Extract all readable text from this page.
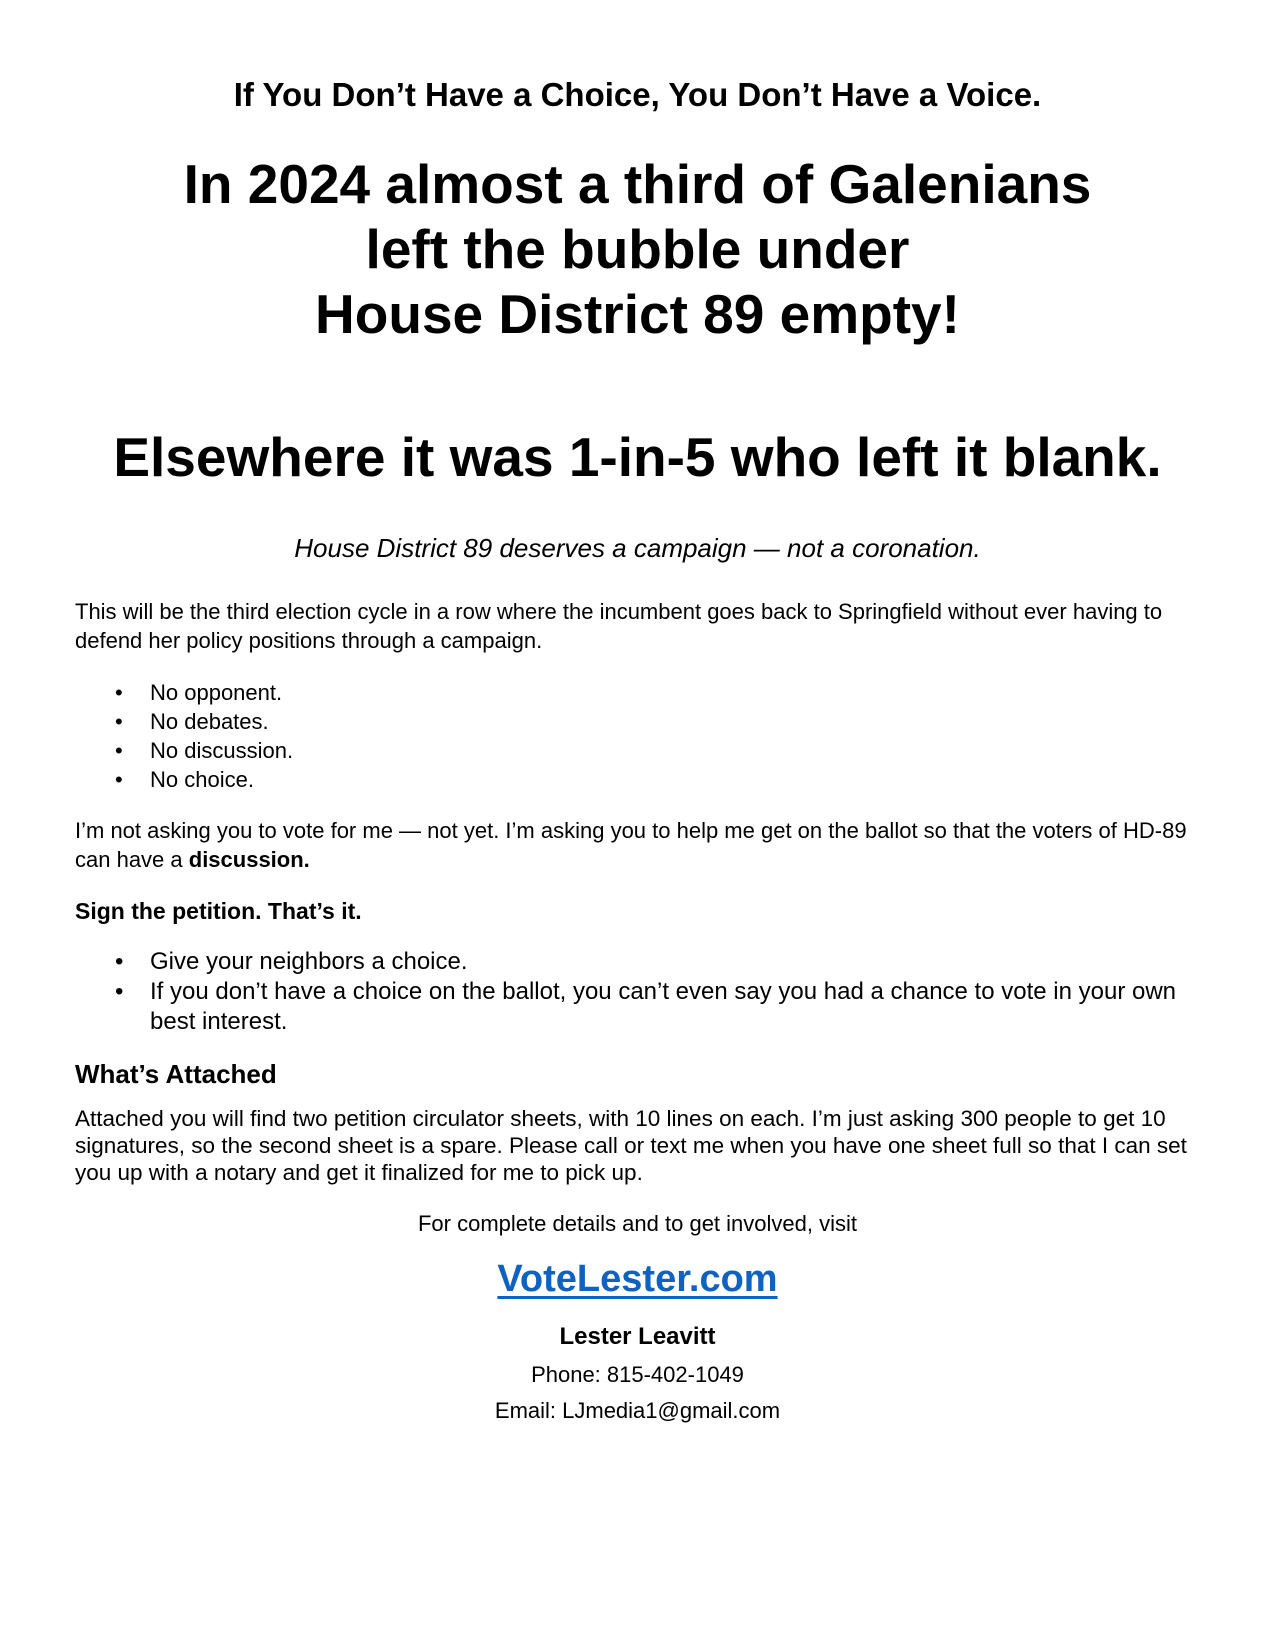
If You Don’t Have a Choice, You Don’t Have a Voice.
In 2024 almost a third of Galenians
left the bubble under
House District 89 empty!
Elsewhere it was 1-in-5 who left it blank.
House District 89 deserves a campaign — not a coronation.
This will be the third election cycle in a row where the incumbent goes back to Springfield without ever having to defend her policy positions through a campaign.
• No opponent.
• No debates.
• No discussion.
• No choice.
I’m not asking you to vote for me — not yet. I’m asking you to help me get on the ballot so that the voters of HD-89 can have a discussion.
Sign the petition. That’s it.
• Give your neighbors a choice.
• If you don’t have a choice on the ballot, you can’t even say you had a chance to vote in your own best interest.
What’s Attached
Attached you will find two petition circulator sheets, with 10 lines on each. I’m just asking 300 people to get 10 signatures, so the second sheet is a spare. Please call or text me when you have one sheet full so that I can set you up with a notary and get it finalized for me to pick up.
For complete details and to get involved, visit
VoteLester.com
Lester Leavitt
Phone: 815-402-1049
Email: LJmedia1@gmail.com
